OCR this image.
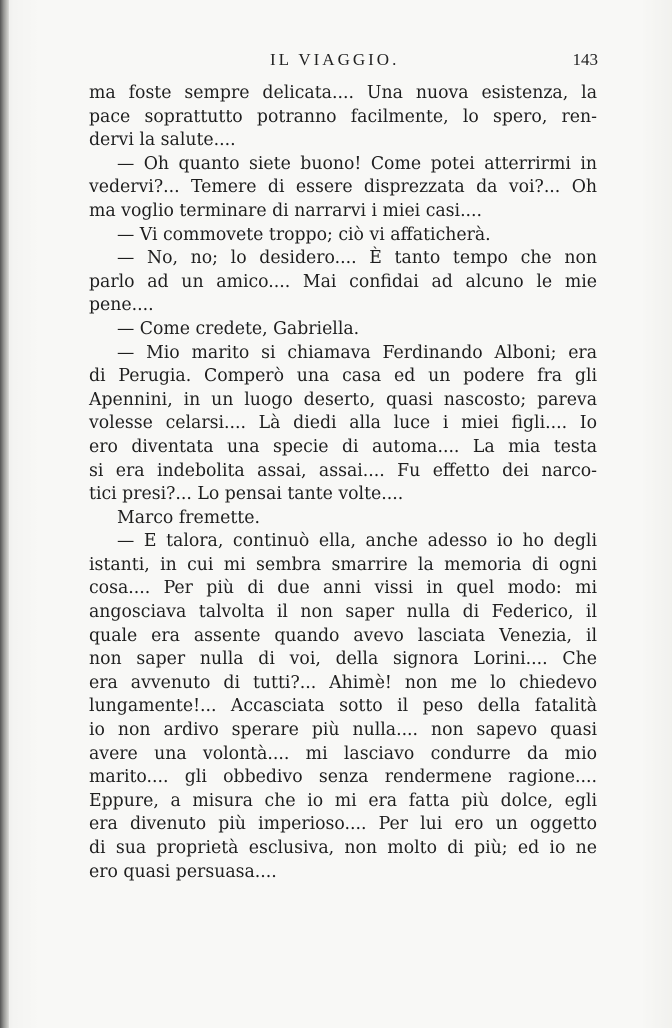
IL VIAGGIO.	143
ma foste sempre delicata.... Una nuova esistenza, la
pace soprattutto potranno facilmente, lo spero, ren-
dervi la salute....
— Oh quanto siete buono! Come potei atterrirmi in
vedervi?... Temere di essere disprezzata da voi?... Oh
ma voglio terminare di narrarvi i miei casi....
— Vi commovete troppo; ciò vi affaticherà.
— No, no; lo desidero.... È tanto tempo che non
parlo ad un amico.... Mai confidai ad alcuno le mie
pene....
— Come credete, Gabriella.
— Mio marito si chiamava Ferdinando Alboni; era
di Perugia. Comperò una casa ed un podere fra gli
Apennini, in un luogo deserto, quasi nascosto; pareva
volesse celarsi.... Là diedi alla luce i miei figli.... Io
ero diventata una specie di automa.... La mia testa
si era indebolita assai, assai.... Fu effetto dei narco-
tici presi?... Lo pensai tante volte....
Marco fremette.
— E talora, continuò ella, anche adesso io ho degli
istanti, in cui mi sembra smarrire la memoria di ogni
cosa.... Per più di due anni vissi in quel modo: mi
angosciava talvolta il non saper nulla di Federico, il
quale era assente quando avevo lasciata Venezia, il
non saper nulla di voi, della signora Lorini.... Che
era avvenuto di tutti?... Ahimè! non me lo chiedevo
lungamente!... Accasciata sotto il peso della fatalità
io non ardivo sperare più nulla.... non sapevo quasi
avere una volontà.... mi lasciavo condurre da mio
marito.... gli obbedivo senza rendermene ragione....
Eppure, a misura che io mi era fatta più dolce, egli
era divenuto più imperioso.... Per lui ero un oggetto
di sua proprietà esclusiva, non molto di più; ed io ne
ero quasi persuasa....
